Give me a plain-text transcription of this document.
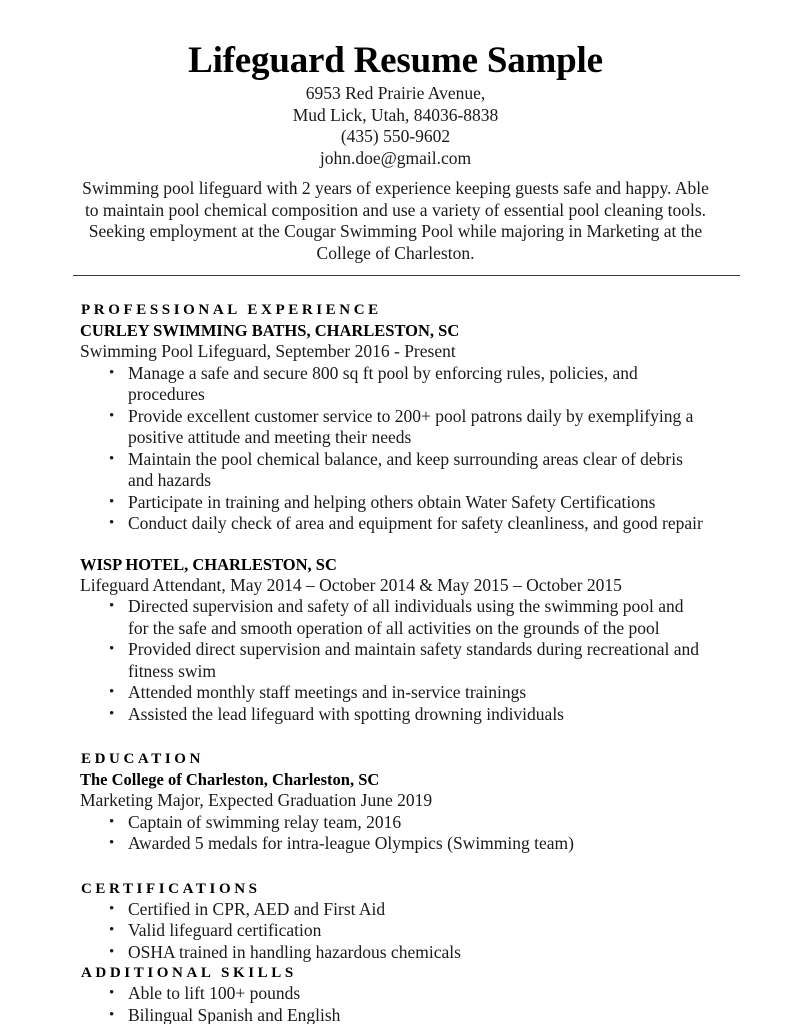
Lifeguard Resume Sample

6953 Red Prairie Avenue,

Mud Lick, Utah, 84036-8838

(435) 550-9602

john.doe@gmail.com

Swimming pool lifeguard with 2 years of experience keeping guests safe and happy. Able to maintain pool chemical composition and use a variety of essential pool cleaning tools. Seeking employment at the Cougar Swimming Pool while majoring in Marketing at the College of Charleston.
PROFESSIONAL EXPERIENCE
CURLEY SWIMMING BATHS, CHARLESTON, SC
Swimming Pool Lifeguard, September 2016 - Present
• Manage a safe and secure 800 sq ft pool by enforcing rules, policies, and procedures
• Provide excellent customer service to 200+ pool patrons daily by exemplifying a positive attitude and meeting their needs
• Maintain the pool chemical balance, and keep surrounding areas clear of debris and hazards
• Participate in training and helping others obtain Water Safety Certifications
• Conduct daily check of area and equipment for safety cleanliness, and good repair
WISP HOTEL, CHARLESTON, SC
Lifeguard Attendant, May 2014 – October 2014 & May 2015 – October 2015
• Directed supervision and safety of all individuals using the swimming pool and for the safe and smooth operation of all activities on the grounds of the pool
• Provided direct supervision and maintain safety standards during recreational and fitness swim
• Attended monthly staff meetings and in-service trainings
• Assisted the lead lifeguard with spotting drowning individuals
EDUCATION
The College of Charleston, Charleston, SC
Marketing Major, Expected Graduation June 2019
• Captain of swimming relay team, 2016
• Awarded 5 medals for intra-league Olympics (Swimming team)
CERTIFICATIONS
• Certified in CPR, AED and First Aid
• Valid lifeguard certification
• OSHA trained in handling hazardous chemicals
ADDITIONAL SKILLS
• Able to lift 100+ pounds
• Bilingual Spanish and English
